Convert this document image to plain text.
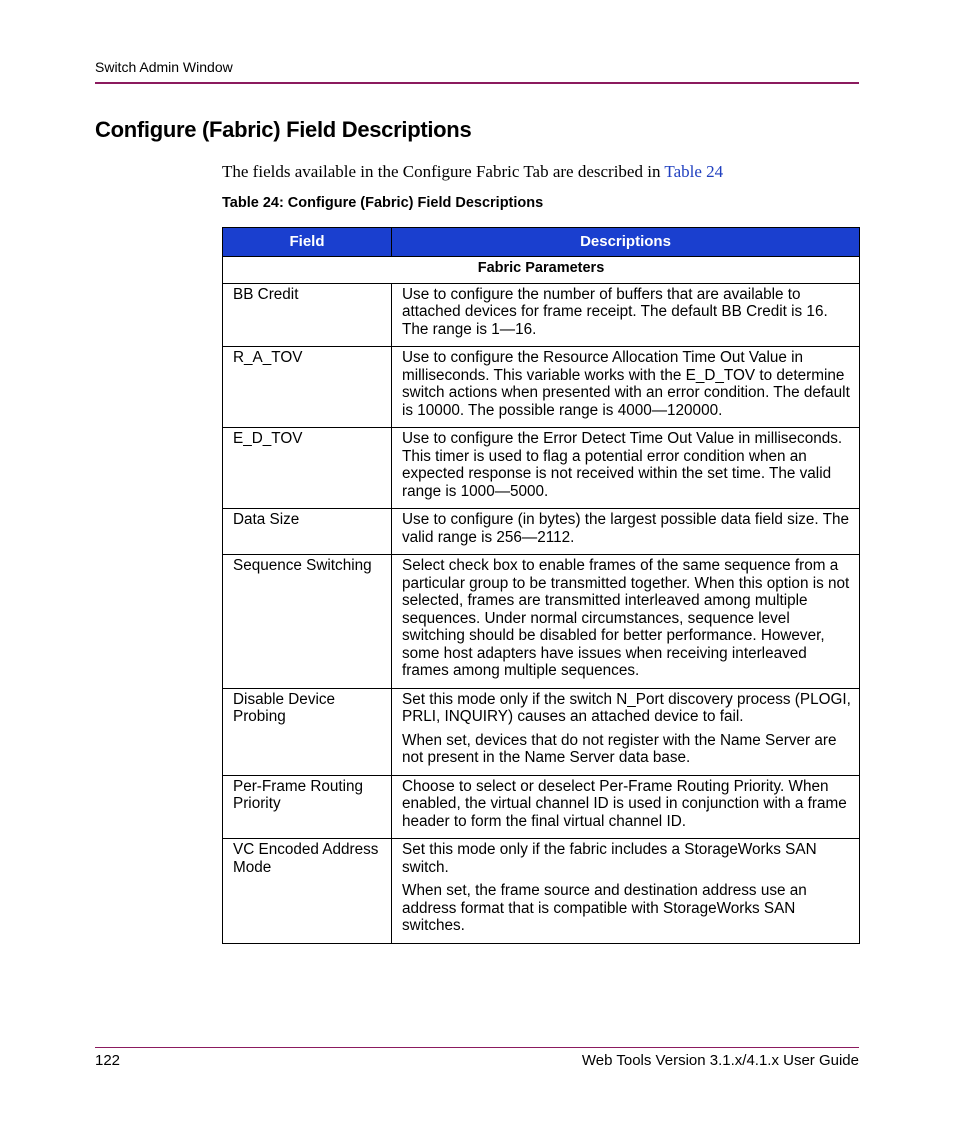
Switch Admin Window
Configure (Fabric) Field Descriptions

The fields available in the Configure Fabric Tab are described in Table 24

Table 24: Configure (Fabric) Field Descriptions

Field	Descriptions
Fabric Parameters	
BB Credit	Use to configure the number of buffers that are available to attached devices for frame receipt. The default BB Credit is 16. The range is 1—16.

R_A_TOV	Use to configure the Resource Allocation Time Out Value in milliseconds. This variable works with the E_D_TOV to determine switch actions when presented with an error condition. The default is 10000. The possible range is 4000—120000.

E_D_TOV	Use to configure the Error Detect Time Out Value in milliseconds. This timer is used to flag a potential error condition when an expected response is not received within the set time. The valid range is 1000—5000.

Data Size	Use to configure (in bytes) the largest possible data field size. The valid range is 256—2112.

Sequence Switching	Select check box to enable frames of the same sequence from a particular group to be transmitted together. When this option is not selected, frames are transmitted interleaved among multiple sequences. Under normal circumstances, sequence level switching should be disabled for better performance. However, some host adapters have issues when receiving interleaved frames among multiple sequences.

Disable Device Probing	Set this mode only if the switch N_Port discovery process (PLOGI, PRLI, INQUIRY) causes an attached device to fail.

When set, devices that do not register with the Name Server are not present in the Name Server data base.

Per-Frame Routing Priority	Choose to select or deselect Per-Frame Routing Priority. When enabled, the virtual channel ID is used in conjunction with a frame header to form the final virtual channel ID.

VC Encoded Address Mode	Set this mode only if the fabric includes a StorageWorks SAN switch.

When set, the frame source and destination address use an address format that is compatible with StorageWorks SAN switches.

122	Web Tools Version 3.1.x/4.1.x User Guide
